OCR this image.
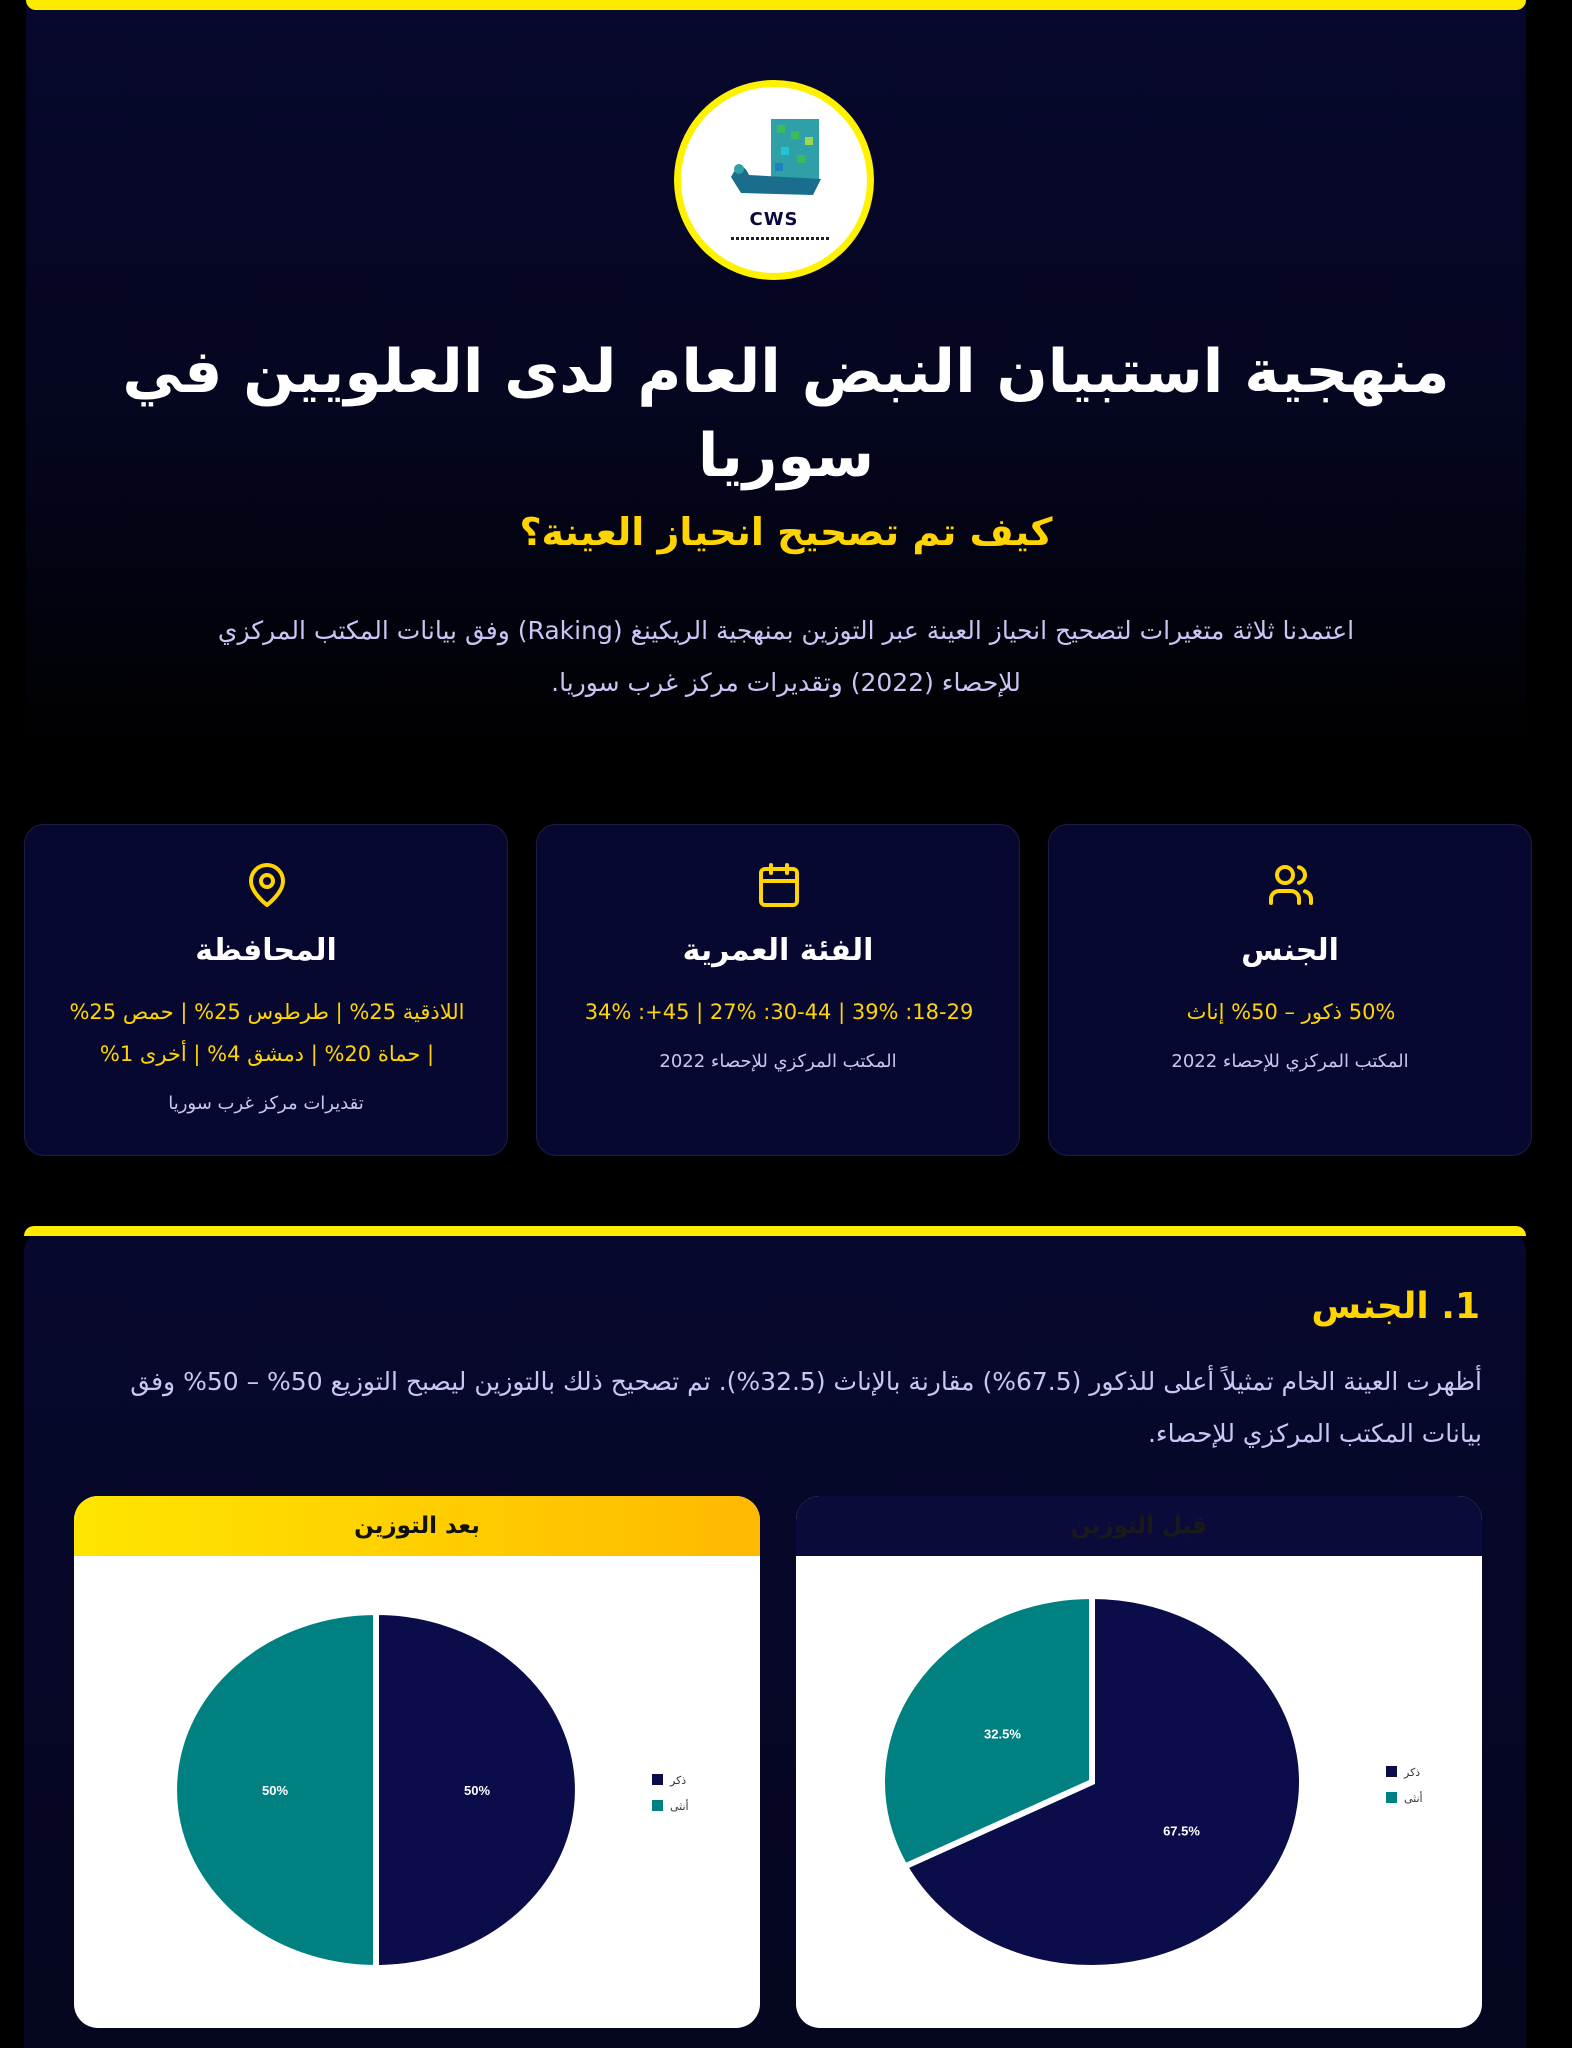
CWS
منهجية استبيان النبض العام لدى العلويين في سوريا
كيف تم تصحيح انحياز العينة؟
اعتمدنا ثلاثة متغيرات لتصحيح انحياز العينة عبر التوزين بمنهجية الريكينغ (Raking) وفق بيانات المكتب المركزي للإحصاء (2022) وتقديرات مركز غرب سوريا.
الجنس
50% ذكور – 50% إناث
المكتب المركزي للإحصاء 2022
الفئة العمرية
18-29: 39% | 30-44: 27% | 45+: 34%
المكتب المركزي للإحصاء 2022
المحافظة
اللاذقية 25% | طرطوس 25% | حمص 25% | حماة 20% | دمشق 4% | أخرى 1%
تقديرات مركز غرب سوريا
1. الجنس
أظهرت العينة الخام تمثيلاً أعلى للذكور (67.5%) مقارنة بالإناث (32.5%). تم تصحيح ذلك بالتوزين ليصبح التوزيع 50% – 50% وفق بيانات المكتب المركزي للإحصاء.
بعد التوزين
50%
50%
ذكر
أنثى
قبل التوزين
67.5%
32.5%
ذكر
أنثى
